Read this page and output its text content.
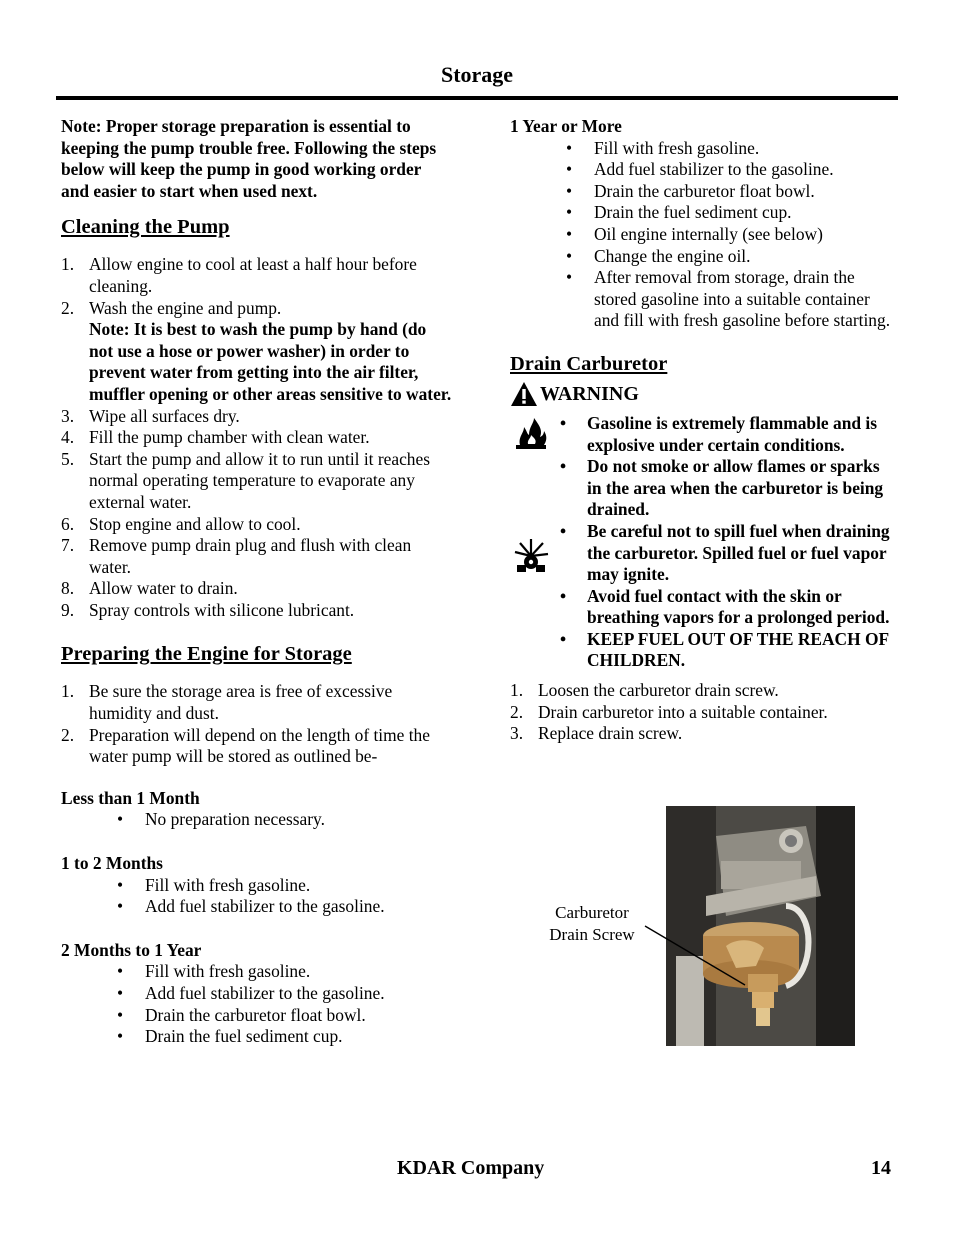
Storage

Note: Proper storage preparation is essential to keeping the pump trouble free. Following the steps below will keep the pump in good working order and easier to start when used next.

Cleaning the Pump
1. Allow engine to cool at least a half hour before cleaning.
2. Wash the engine and pump.
Note: It is best to wash the pump by hand (do not use a hose or power washer) in order to prevent water from getting into the air filter, muffler opening or other areas sensitive to water.
3. Wipe all surfaces dry.
4. Fill the pump chamber with clean water.
5. Start the pump and allow it to run until it reaches normal operating temperature to evaporate any external water.
6. Stop engine and allow to cool.
7. Remove pump drain plug and flush with clean water.
8. Allow water to drain.
9. Spray controls with silicone lubricant.
Preparing the Engine for Storage
1. Be sure the storage area is free of excessive humidity and dust.
2. Preparation will depend on the length of time the water pump will be stored as outlined be-

Less than 1 Month

• No preparation necessary.

1 to 2 Months

• Fill with fresh gasoline.
• Add fuel stabilizer to the gasoline.

2 Months to 1 Year

• Fill with fresh gasoline.
• Add fuel stabilizer to the gasoline.
• Drain the carburetor float bowl.
• Drain the fuel sediment cup.

1 Year or More

• Fill with fresh gasoline.
• Add fuel stabilizer to the gasoline.
• Drain the carburetor float bowl.
• Drain the fuel sediment cup.
• Oil engine internally (see below)
• Change the engine oil.
• After removal from storage, drain the stored gasoline into a suitable container and fill with fresh gasoline before starting.
Drain Carburetor
WARNING
• Gasoline is extremely flammable and is explosive under certain conditions.
• Do not smoke or allow flames or sparks in the area when the carburetor is being drained.
• Be careful not to spill fuel when draining the carburetor. Spilled fuel or fuel vapor may ignite.
• Avoid fuel contact with the skin or breathing vapors for a prolonged period.
• KEEP FUEL OUT OF THE REACH OF CHILDREN.
1. Loosen the carburetor drain screw.
2. Drain carburetor into a suitable container.
3. Replace drain screw.
Carburetor Drain Screw
KDAR Company	14
